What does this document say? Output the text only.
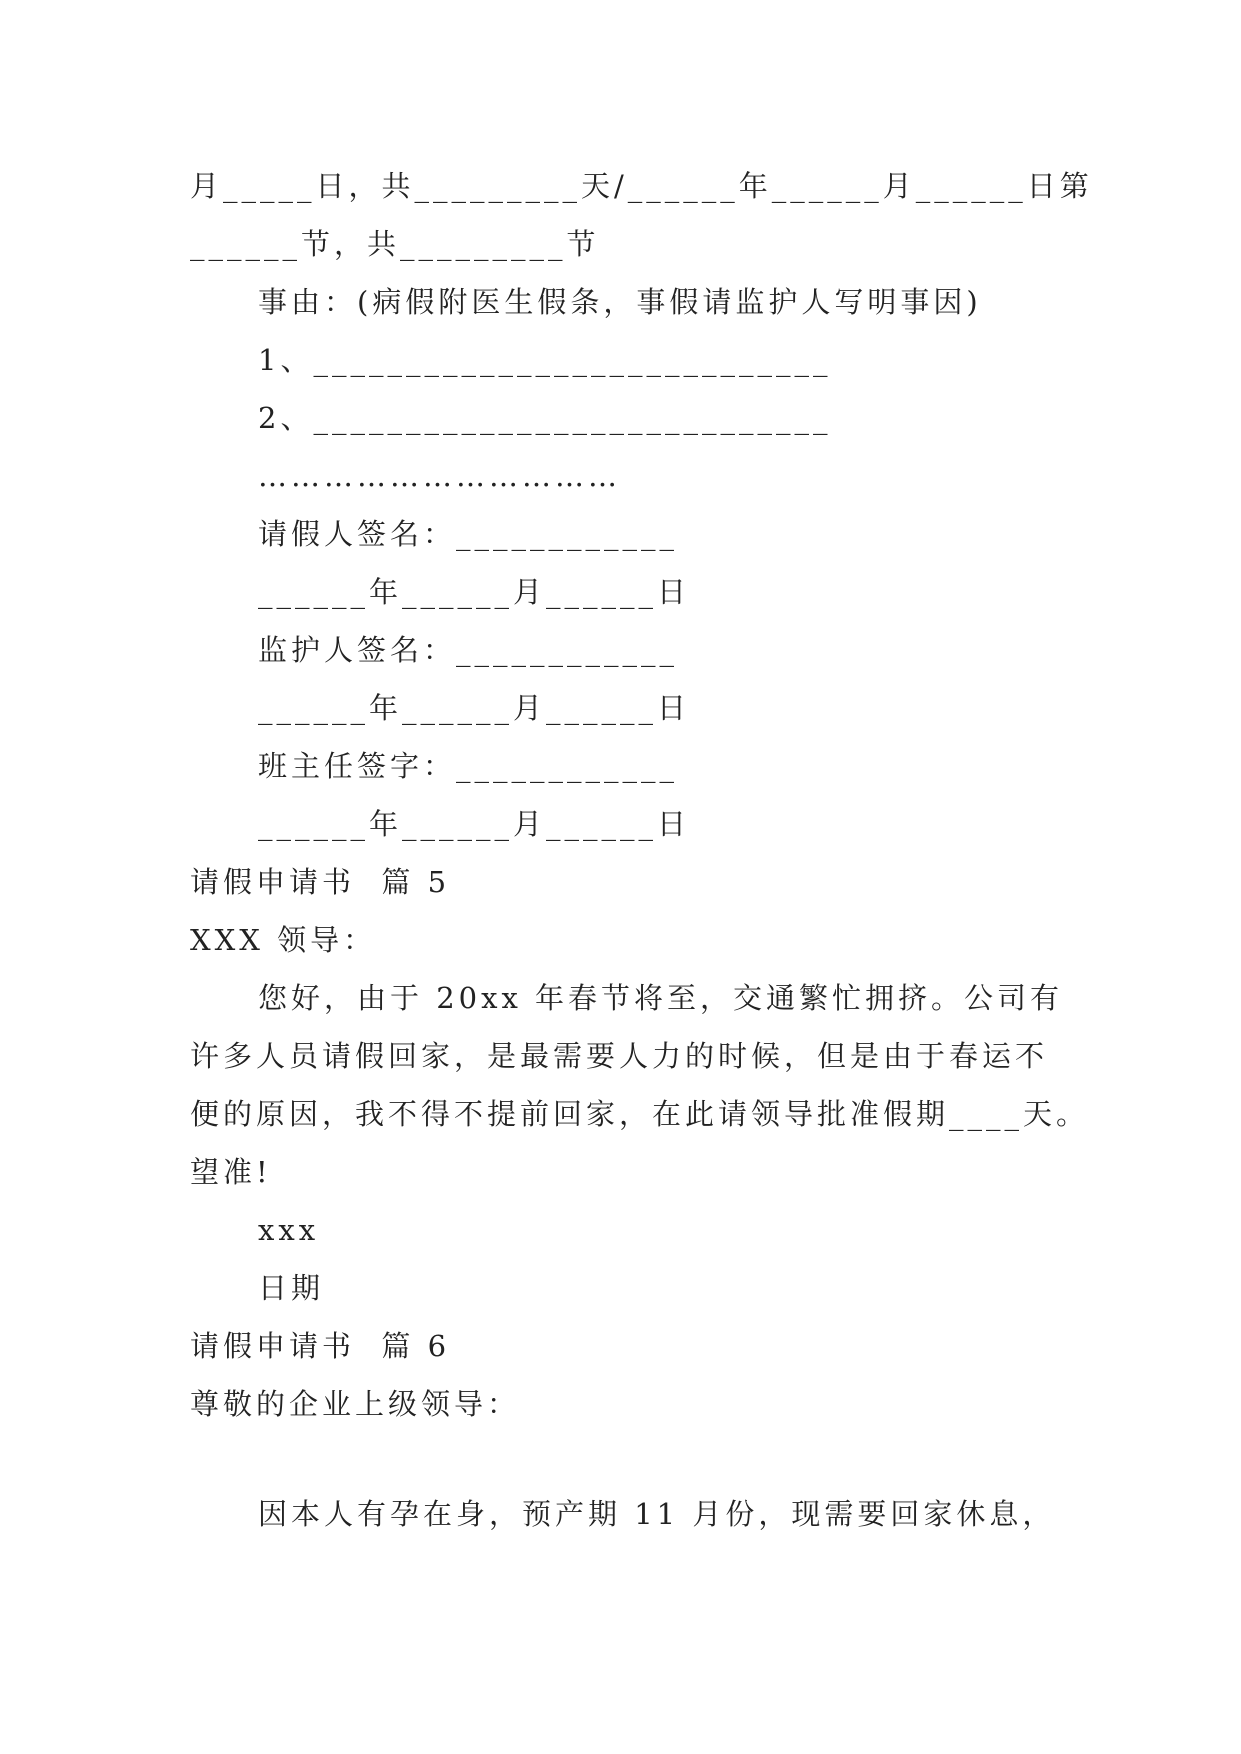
月_____日，共_________天/______年______月______日第
______节，共_________节
事由：(病假附医生假条，事假请监护人写明事因)
1、____________________________
2、____________________________
……………………………
请假人签名：____________
______年______月______日
监护人签名：____________
______年______月______日
班主任签字：____________
______年______月______日
请假申请书  篇 5
XXX 领导：
您好，由于 20xx 年春节将至，交通繁忙拥挤。公司有
许多人员请假回家，是最需要人力的时候，但是由于春运不
便的原因，我不得不提前回家，在此请领导批准假期____天。
望准!
xxx
日期
请假申请书  篇 6
尊敬的企业上级领导：
因本人有孕在身，预产期 11 月份，现需要回家休息，
